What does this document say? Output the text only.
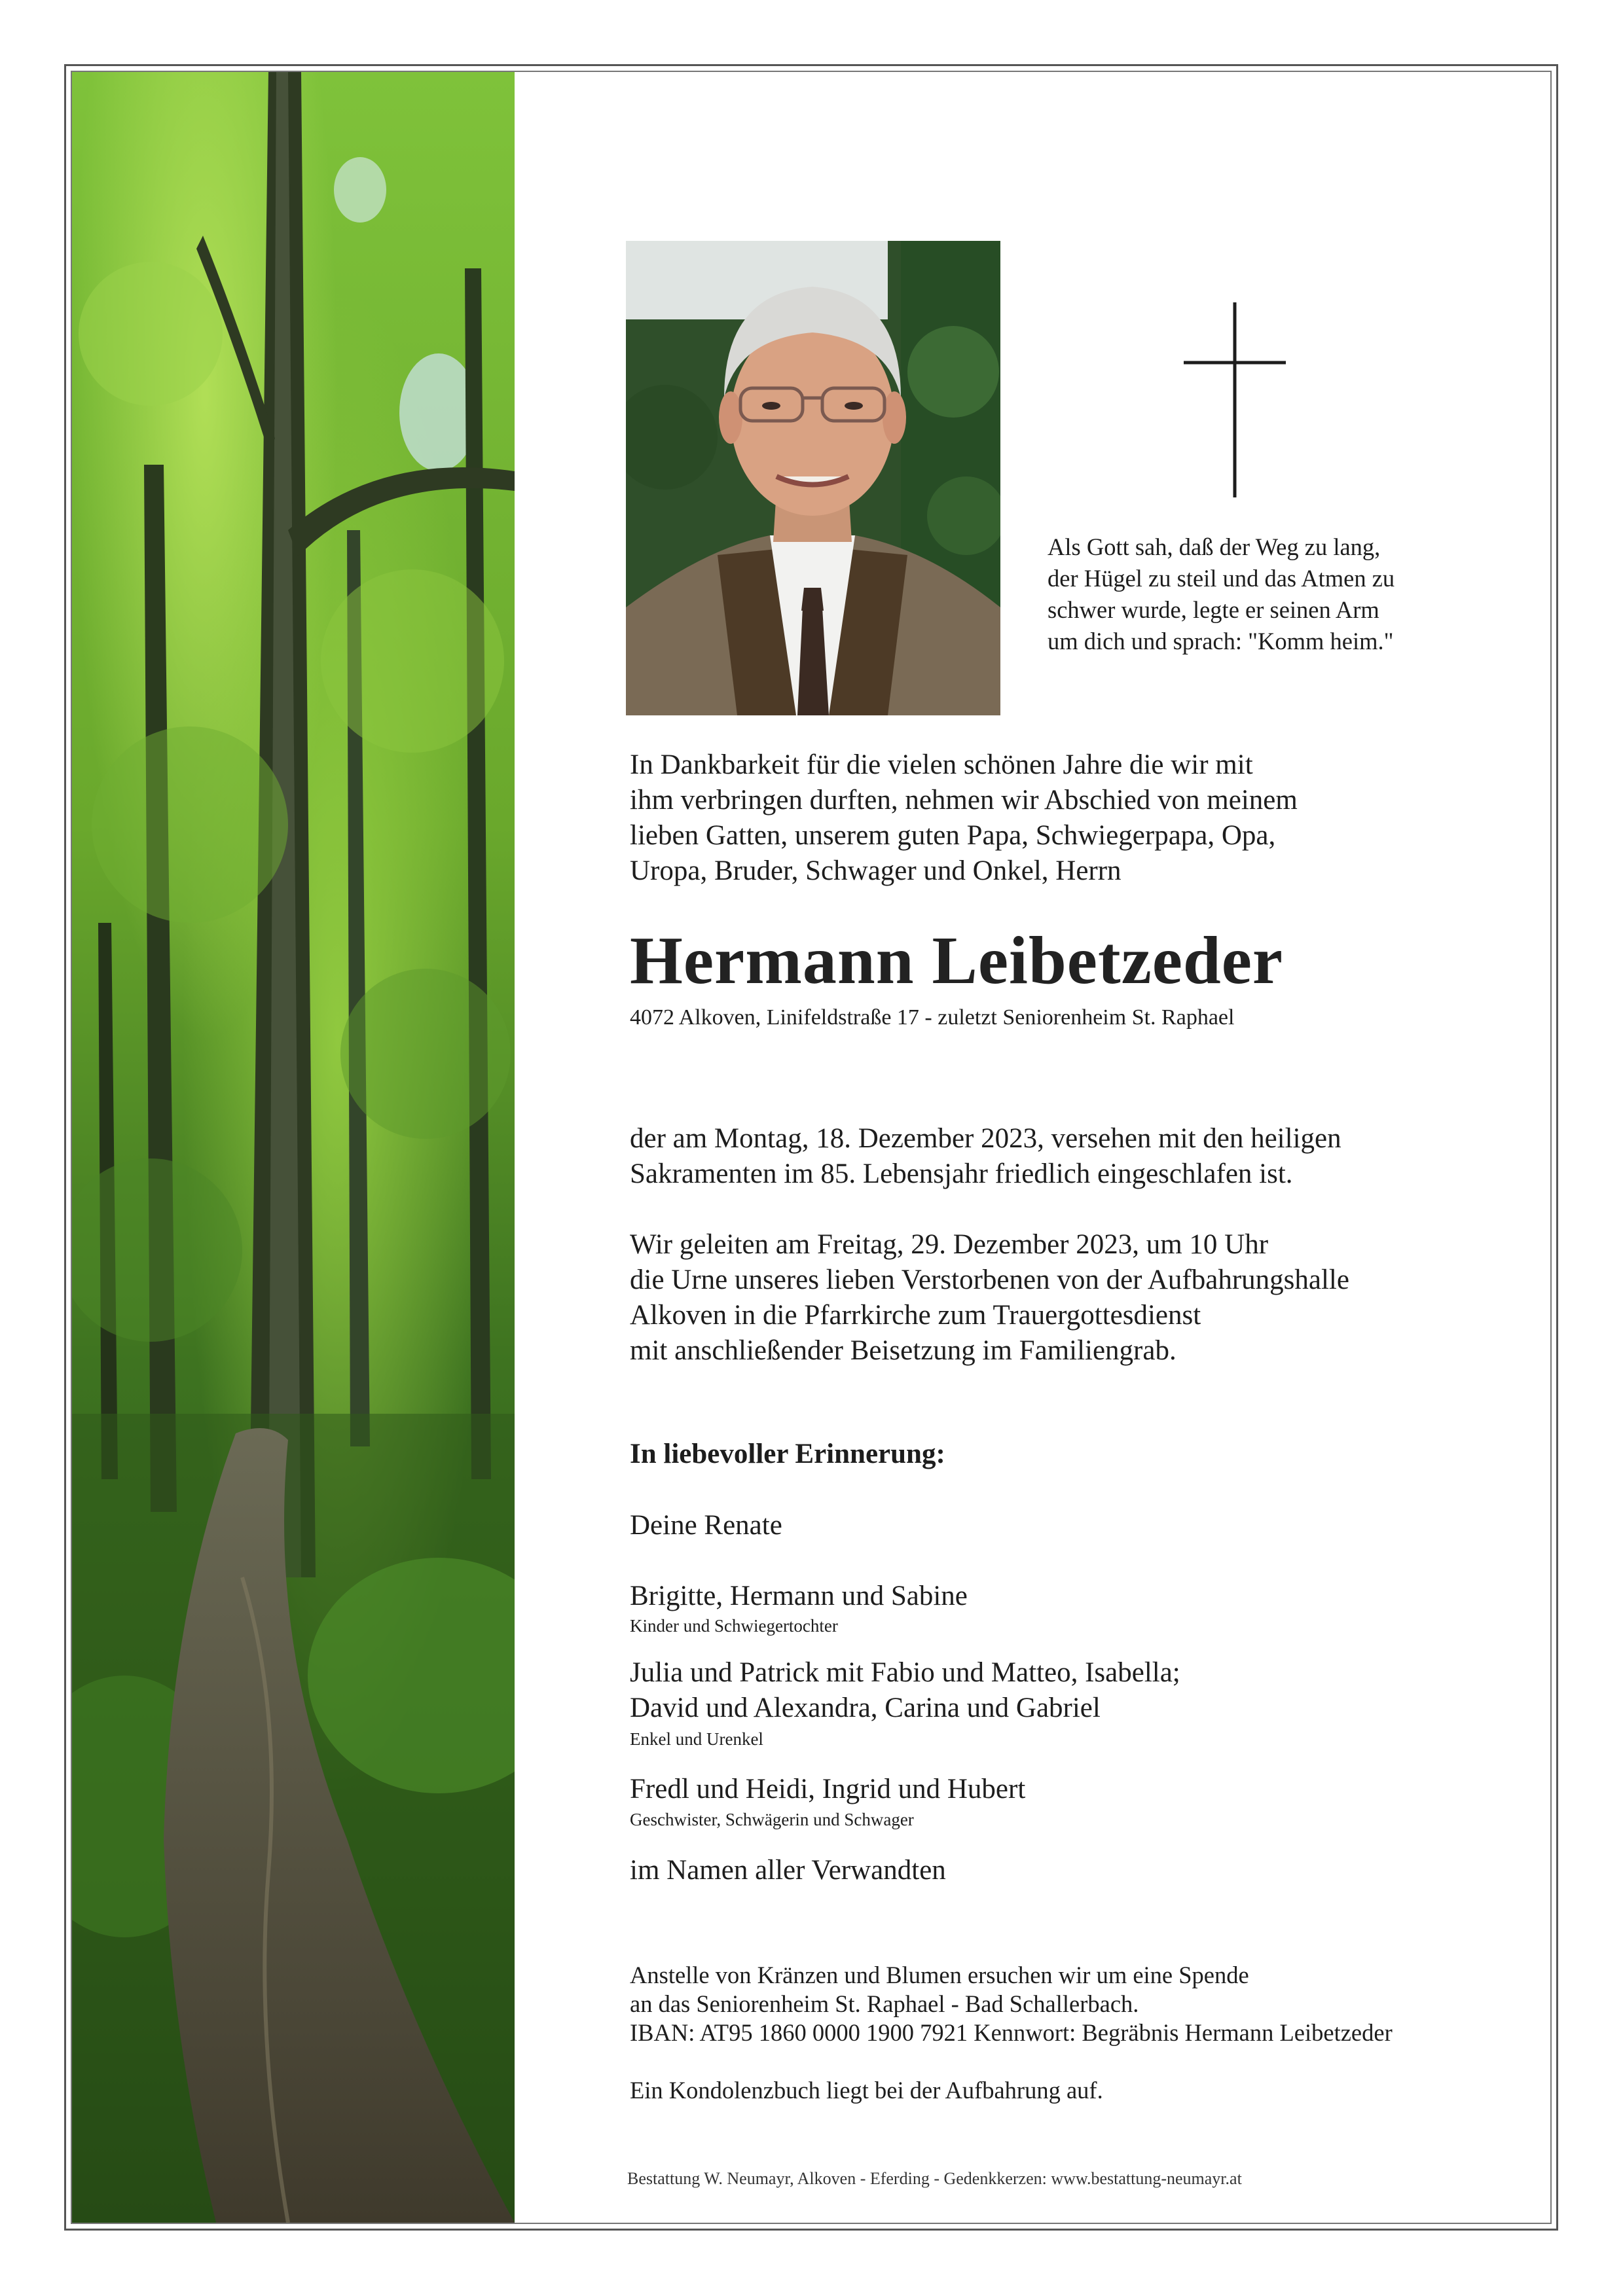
Als Gott sah, daß der Weg zu lang,
der Hügel zu steil und das Atmen zu
schwer wurde, legte er seinen Arm
um dich und sprach: "Komm heim."
In Dankbarkeit für die vielen schönen Jahre die wir mit
ihm verbringen durften, nehmen wir Abschied von meinem
lieben Gatten, unserem guten Papa, Schwiegerpapa, Opa,
Uropa, Bruder, Schwager und Onkel, Herrn
Hermann Leibetzeder
4072 Alkoven, Linifeldstraße 17 - zuletzt Seniorenheim St. Raphael
der am Montag, 18. Dezember 2023, versehen mit den heiligen
Sakramenten im 85. Lebensjahr friedlich eingeschlafen ist.
Wir geleiten am Freitag, 29. Dezember 2023, um 10 Uhr
die Urne unseres lieben Verstorbenen von der Aufbahrungshalle
Alkoven in die Pfarrkirche zum Trauergottesdienst
mit anschließender Beisetzung im Familiengrab.
In liebevoller Erinnerung:
Deine Renate
Brigitte, Hermann und Sabine
Kinder und Schwiegertochter
Julia und Patrick mit Fabio und Matteo, Isabella;
David und Alexandra, Carina und Gabriel
Enkel und Urenkel
Fredl und Heidi, Ingrid und Hubert
Geschwister, Schwägerin und Schwager
im Namen aller Verwandten
Anstelle von Kränzen und Blumen ersuchen wir um eine Spende
an das Seniorenheim St. Raphael - Bad Schallerbach.
IBAN: AT95 1860 0000 1900 7921 Kennwort: Begräbnis Hermann Leibetzeder
Ein Kondolenzbuch liegt bei der Aufbahrung auf.
Bestattung W. Neumayr, Alkoven - Eferding - Gedenkkerzen: www.bestattung-neumayr.at
